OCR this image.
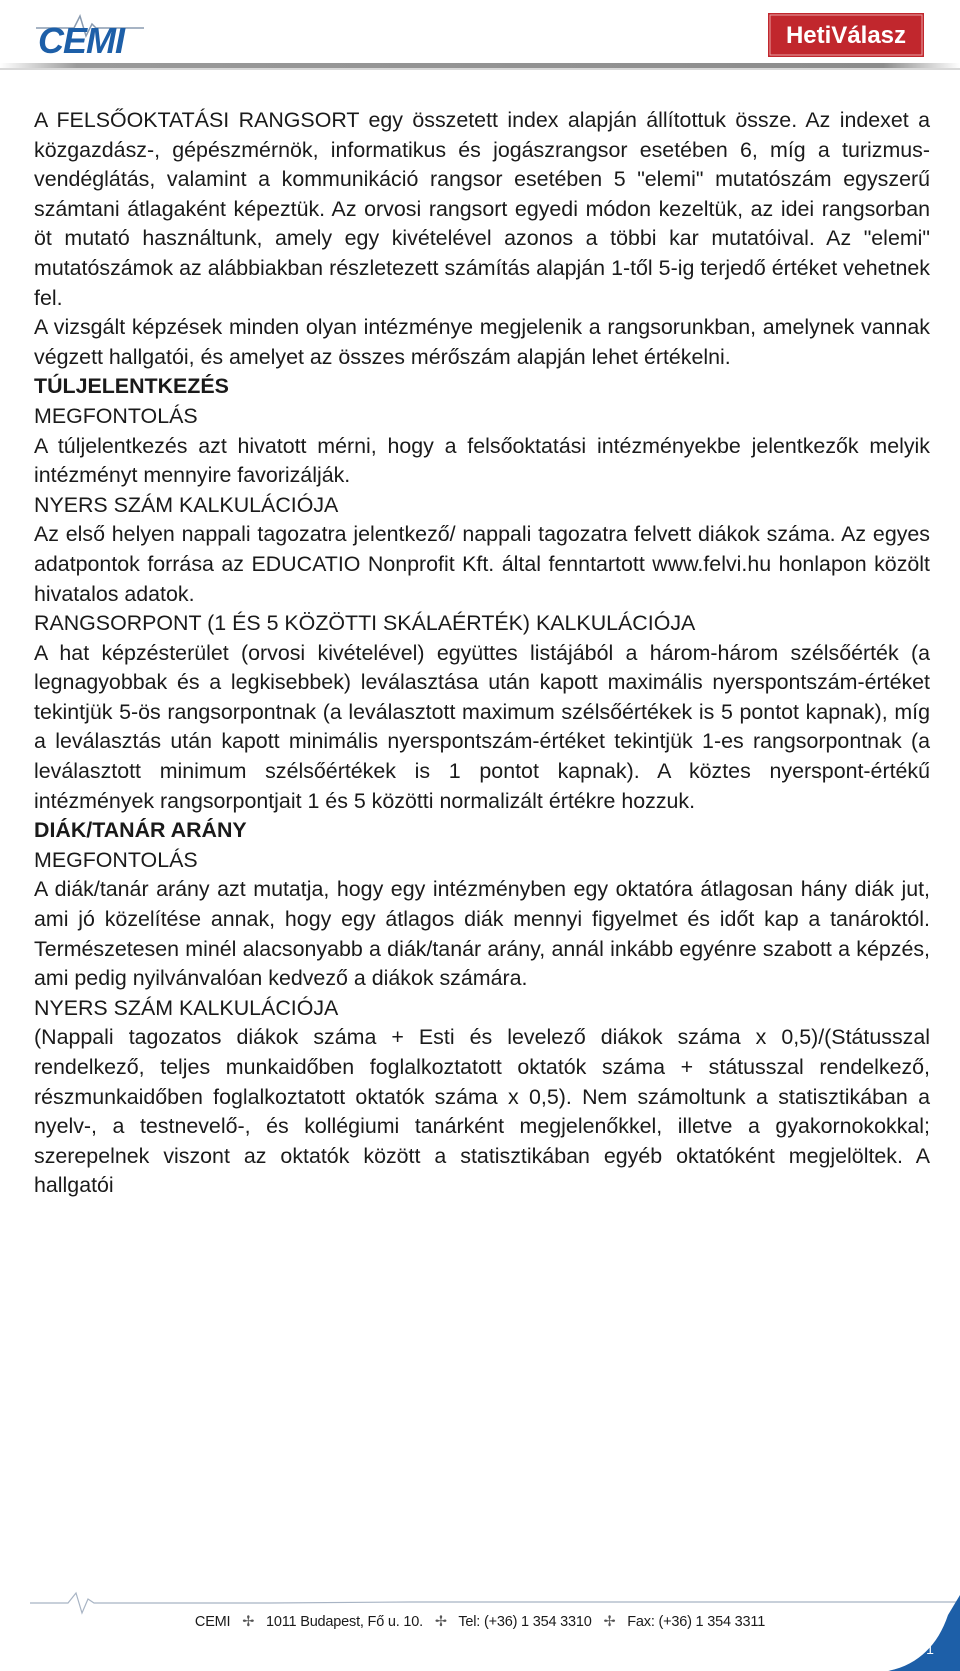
CEMI	HetiVálasz

A FELSŐOKTATÁSI RANGSORT egy összetett index alapján állítottuk össze. Az indexet a közgazdász-, gépészmérnök, informatikus és jogászrangsor esetében 6, míg a turizmus-vendéglátás, valamint a kommunikáció rangsor esetében 5 "elemi" mutatószám egyszerű számtani átlagaként képeztük. Az orvosi rangsort egyedi módon kezeltük, az idei rangsorban öt mutató használtunk, amely egy kivételével azonos a többi kar mutatóival. Az "elemi" mutatószámok az alábbiakban részletezett számítás alapján 1-től 5-ig terjedő értéket vehetnek fel.

A vizsgált képzések minden olyan intézménye megjelenik a rangsorunkban, amelynek vannak végzett hallgatói, és amelyet az összes mérőszám alapján lehet értékelni.

TÚLJELENTKEZÉS
MEGFONTOLÁS

A túljelentkezés azt hivatott mérni, hogy a felsőoktatási intézményekbe jelentkezők melyik intézményt mennyire favorizálják.

NYERS SZÁM KALKULÁCIÓJA

Az első helyen nappali tagozatra jelentkező/ nappali tagozatra felvett diákok száma. Az egyes adatpontok forrása az EDUCATIO Nonprofit Kft. által fenntartott www.felvi.hu honlapon közölt hivatalos adatok.

RANGSORPONT (1 ÉS 5 KÖZÖTTI SKÁLAÉRTÉK) KALKULÁCIÓJA

A hat képzésterület (orvosi kivételével) együttes listájából a három-három szélsőérték (a legnagyobbak és a legkisebbek) leválasztása után kapott maximális nyerspontszám-értéket tekintjük 5-ös rangsorpontnak (a leválasztott maximum szélsőértékek is 5 pontot kapnak), míg a leválasztás után kapott minimális nyerspontszám-értéket tekintjük 1-es rangsorpontnak (a leválasztott minimum szélsőértékek is 1 pontot kapnak). A köztes nyerspont-értékű intézmények rangsorpontjait 1 és 5 közötti normalizált értékre hozzuk.

DIÁK/TANÁR ARÁNY
MEGFONTOLÁS

A diák/tanár arány azt mutatja, hogy egy intézményben egy oktatóra átlagosan hány diák jut, ami jó közelítése annak, hogy egy átlagos diák mennyi figyelmet és időt kap a tanároktól. Természetesen minél alacsonyabb a diák/tanár arány, annál inkább egyénre szabott a képzés, ami pedig nyilvánvalóan kedvező a diákok számára.

NYERS SZÁM KALKULÁCIÓJA

(Nappali tagozatos diákok száma + Esti és levelező diákok száma x 0,5)/(Státusszal rendelkező, teljes munkaidőben foglalkoztatott oktatók száma + státusszal rendelkező, részmunkaidőben foglalkoztatott oktatók száma x 0,5). Nem számoltunk a statisztikában a nyelv-, a testnevelő-, és kollégiumi tanárként megjelenőkkel, illetve a gyakornokokkal; szerepelnek viszont az oktatók között a statisztikában egyéb oktatóként megjelöltek. A hallgatói

CEMI ✢ 1011 Budapest, Fő u. 10. ✢ Tel: (+36) 1 354 3310 ✢ Fax: (+36) 1 354 3311
1
